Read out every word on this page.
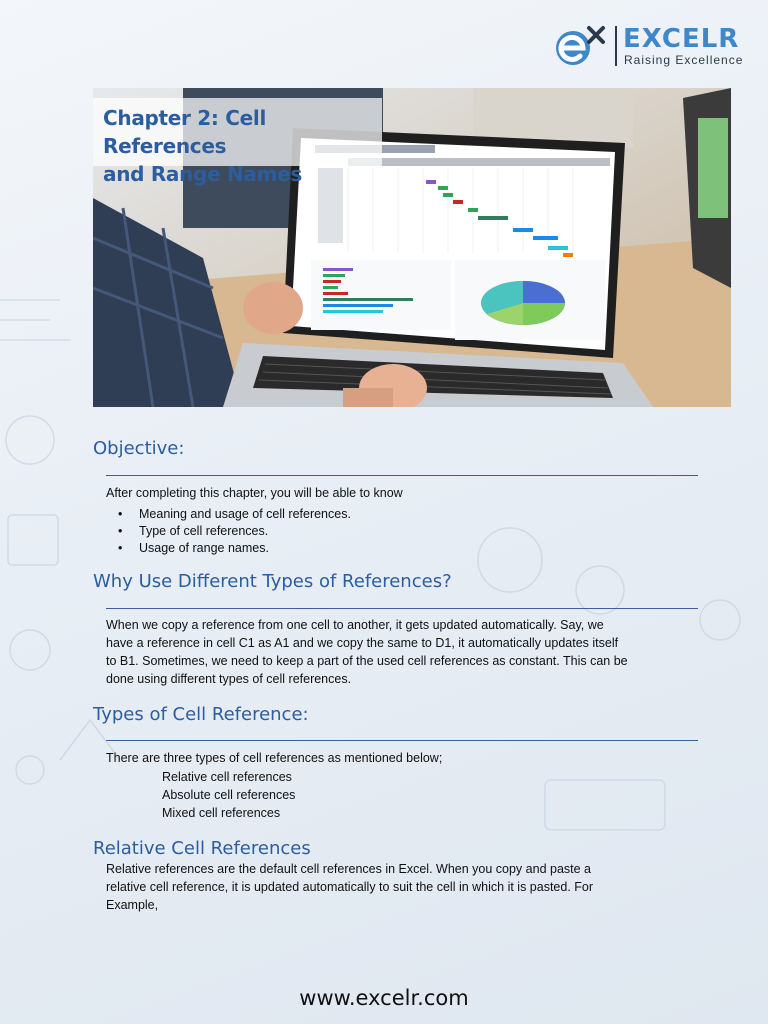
EXCELR
Raising Excellence
Chapter 2: Cell References
and Range Names
Objective:
After completing this chapter, you will be able to know
• Meaning and usage of cell references.
• Type of cell references.
• Usage of range names.
Why Use Different Types of References?
When we copy a reference from one cell to another, it gets updated automatically. Say, we
have a reference in cell C1 as A1 and we copy the same to D1, it automatically updates itself
to B1. Sometimes, we need to keep a part of the used cell references as constant. This can be
done using different types of cell references.
Types of Cell Reference:
There are three types of cell references as mentioned below;
Relative cell references
Absolute cell references
Mixed cell references
Relative Cell References
Relative references are the default cell references in Excel. When you copy and paste a
relative cell reference, it is updated automatically to suit the cell in which it is pasted. For
Example,
www.excelr.com
